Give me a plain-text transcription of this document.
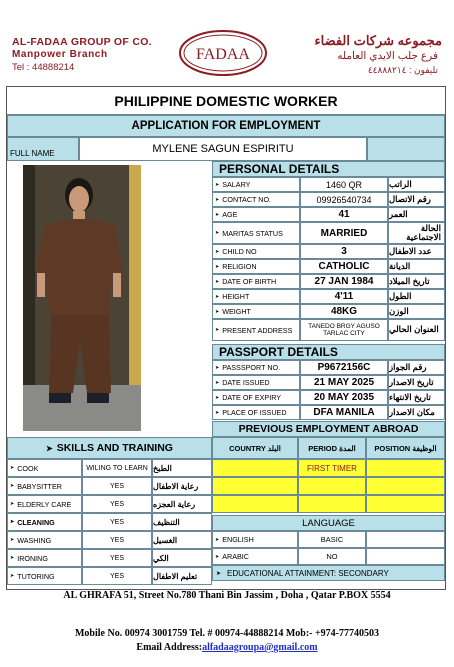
AL-FADAA GROUP OF CO.
Manpower Branch
Tel : 44888214
FADAA
مجموعه شركات الفضاء
فرع جلب الايدي العامله
تليفون : ٤٤٨٨٨٢١٤
PHILIPPINE DOMESTIC WORKER
APPLICATION FOR EMPLOYMENT
FULL NAME	MYLENE SAGUN ESPIRITU
PERSONAL DETAILS
➤ SALARY	1460 QR	الراتب
➤ CONTACT NO.	09926540734	رقم الاتصال
➤ AGE	41	العمر
➤ MARITAS STATUS	MARRIED	الحالة الاجتماعية
➤ CHILD NO	3	عدد الاطفال
➤ RELIGION	CATHOLIC	الديانة
➤ DATE OF BIRTH	27 JAN 1984	تاريخ الميلاد
➤ HEIGHT	4'11	الطول
➤ WEIGHT	48KG	الوزن
➤ PRESENT ADDRESS	TANEDO BRGY AGUSO TARLAC CITY	العنوان الحالي
PASSPORT DETAILS
➤ PASSSPORT NO.	P9672156C	رقم الجواز
➤ DATE ISSUED	21 MAY 2025	تاريخ الاصدار
➤ DATE OF EXPIRY	20 MAY 2035	تاريخ الانتهاء
➤ PLACE OF ISSUED	DFA MANILA	مكان الاصدار
PREVIOUS EMPLOYMENT ABROAD
COUNTRY البلد	PERIOD المدة	POSITION الوظيفة
FIRST TIMER
➤ SKILLS AND TRAINING
➤ COOK	WILING TO LEARN الطبخ
➤ BABYSITTER	YES	رعاية الاطفال
➤ ELDERLY CARE	YES	رعاية العجزه
➤ CLEANING	YES	التنظيف
➤ WASHING	YES	الغسيل
➤ IRONING	YES	الكي
➤ TUTORING	YES	تعليم الاطفال
LANGUAGE
➤ ENGLISH	BASIC
➤ ARABIC	NO
➤ EDUCATIONAL ATTAINMENT: SECONDARY
AL GHRAFA 51, Street No.780 Thani Bin Jassim , Doha , Qatar P.BOX 5554
Mobile No. 00974 3001759 Tel. # 00974-44888214 Mob:- +974-77740503
Email Address:alfadaagroupa@gmail.com
